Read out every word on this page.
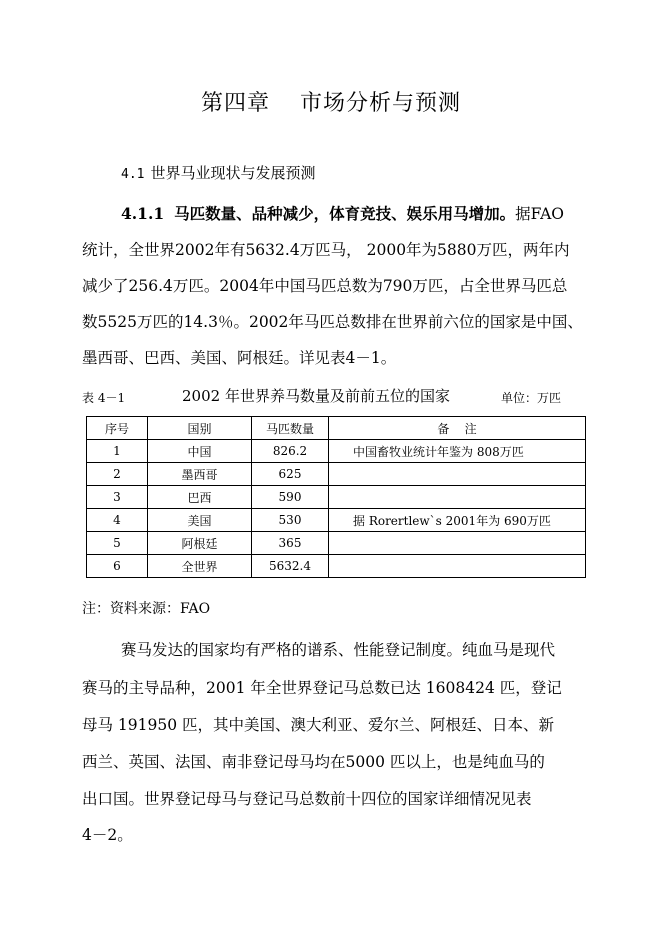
第四章 市场分析与预测
4.1 世界马业现状与发展预测
4.1.1 马匹数量、品种减少，体育竞技、娱乐用马增加。据FAO
统计，全世界2002年有5632.4万匹马， 2000年为5880万匹，两年内
减少了256.4万匹。2004年中国马匹总数为790万匹，占全世界马匹总
数5525万匹的14.3％。2002年马匹总数排在世界前六位的国家是中国、
墨西哥、巴西、美国、阿根廷。详见表4－1。
表 4－1	2002 年世界养马数量及前前五位的国家	单位：万匹
序号	国别	马匹数量	备    注
1	中国	826.2	中国畜牧业统计年鉴为 808万匹
2	墨西哥	625	
3	巴西	590	
4	美国	530	据 Rorertlew`s 2001年为 690万匹
5	阿根廷	365	
6	全世界	5632.4	
注：资料来源：FAO
赛马发达的国家均有严格的谱系、性能登记制度。纯血马是现代
赛马的主导品种，2001 年全世界登记马总数已达 1608424 匹，登记
母马 191950 匹，其中美国、澳大利亚、爱尔兰、阿根廷、日本、新
西兰、英国、法国、南非登记母马均在5000 匹以上，也是纯血马的
出口国。世界登记母马与登记马总数前十四位的国家详细情况见表
4－2。
